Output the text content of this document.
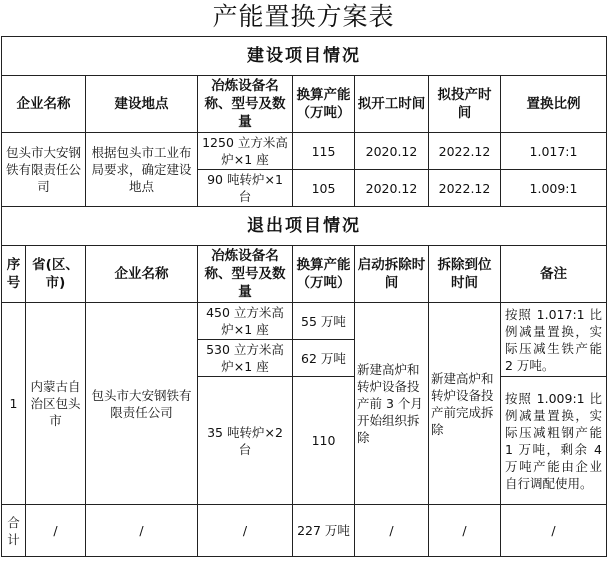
产能置换方案表
建设项目情况							
企业名称		建设地点	冶炼设备名称、型号及数量	换算产能（万吨）	拟开工时间	拟投产时间	置换比例
包头市大安钢铁有限责任公司		根据包头市工业布局要求，确定建设地点	1250 立方米高炉×1 座	115	2020.12	2022.12	1.017:1
			90 吨转炉×1 台	105	2020.12	2022.12	1.009:1
退出项目情况							
序号	省(区、市)	企业名称	冶炼设备名称、型号及数量	换算产能（万吨）	启动拆除时间	拆除到位时间	备注
1	内蒙古自治区包头市	包头市大安钢铁有限责任公司	450 立方米高炉×1 座	55 万吨	新建高炉和转炉设备投产前 3 个月开始组织拆除	新建高炉和转炉设备投产前完成拆除	按照 1.017:1 比例减量置换，实际压减生铁产能 2 万吨。
			530 立方米高炉×1 座	62 万吨			
			35 吨转炉×2 台	110			按照 1.009:1 比例减量置换，实际压减粗钢产能 1 万吨，剩余 4 万吨产能由企业自行调配使用。
合计	/	/	/	227 万吨	/	/	/
